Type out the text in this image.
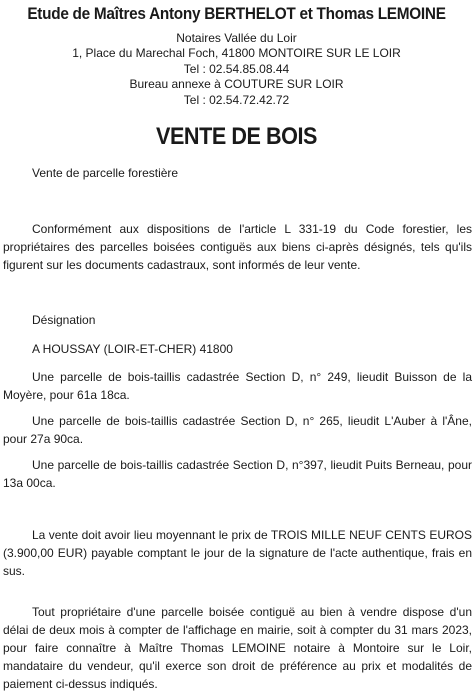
Etude de Maîtres Antony BERTHELOT et Thomas LEMOINE
Notaires Vallée du Loir
1, Place du Marechal Foch, 41800 MONTOIRE SUR LE LOIR
Tel : 02.54.85.08.44
Bureau annexe à COUTURE SUR LOIR
Tel : 02.54.72.42.72
VENTE DE BOIS
Vente de parcelle forestière
Conformément aux dispositions de l'article L 331-19 du Code forestier, les propriétaires des parcelles boisées contiguës aux biens ci-après désignés, tels qu'ils figurent sur les documents cadastraux, sont informés de leur vente.
Désignation
A HOUSSAY (LOIR-ET-CHER) 41800
Une parcelle de bois-taillis cadastrée Section D, n° 249, lieudit Buisson de la Moyère, pour 61a 18ca.
Une parcelle de bois-taillis cadastrée Section D, n° 265, lieudit L'Auber à l'Âne, pour 27a 90ca.
Une parcelle de bois-taillis cadastrée Section D, n°397, lieudit Puits Berneau, pour 13a 00ca.
La vente doit avoir lieu moyennant le prix de TROIS MILLE NEUF CENTS EUROS (3.900,00 EUR) payable comptant le jour de la signature de l'acte authentique, frais en sus.
Tout propriétaire d'une parcelle boisée contiguë au bien à vendre dispose d'un délai de deux mois à compter de l'affichage en mairie, soit à compter du 31 mars 2023, pour faire connaître à Maître Thomas LEMOINE notaire à Montoire sur le Loir, mandataire du vendeur, qu'il exerce son droit de préférence au prix et modalités de paiement ci-dessus indiqués.
